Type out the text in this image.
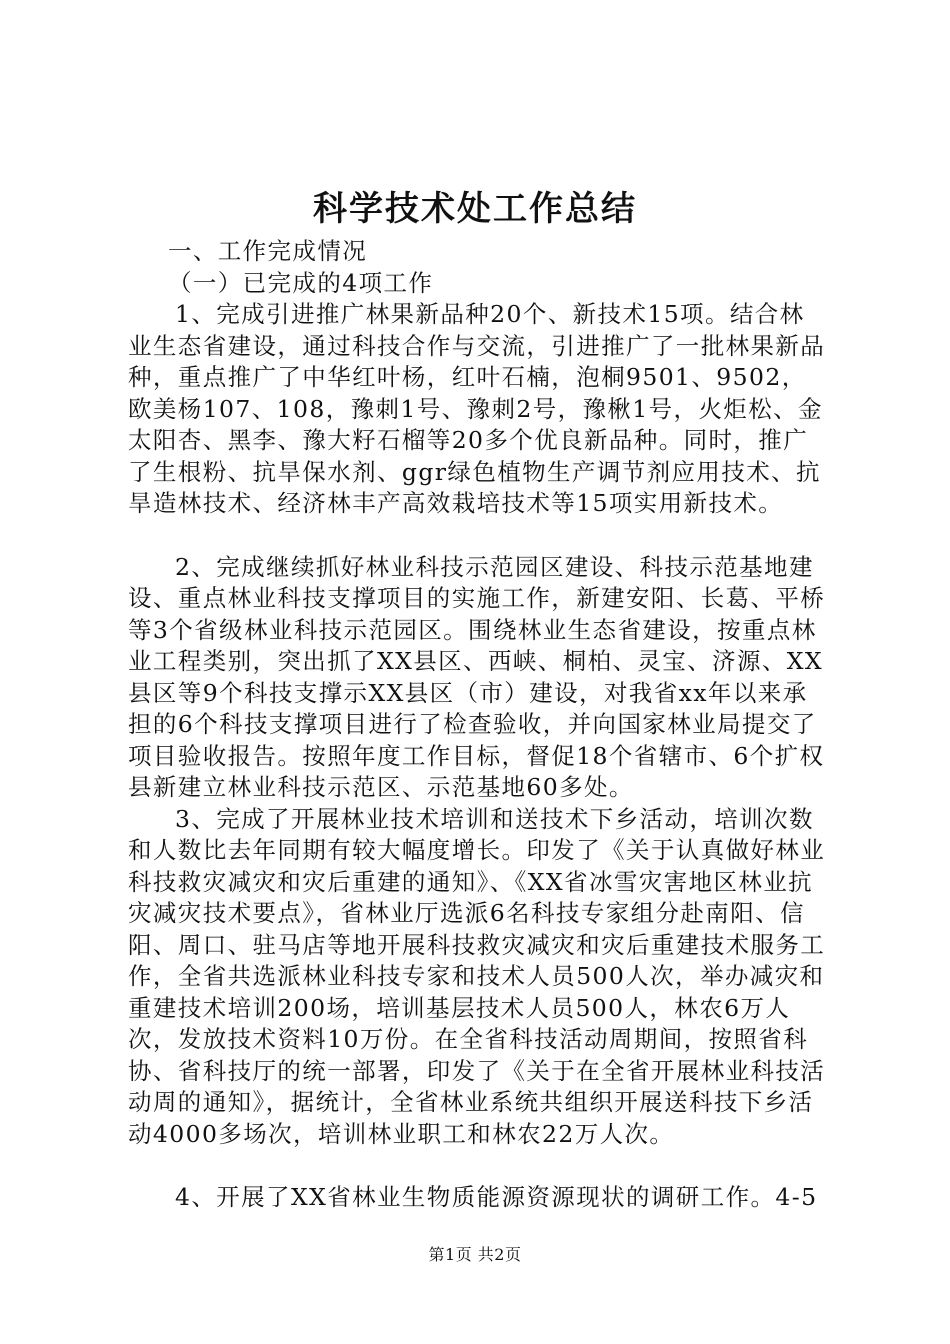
科学技术处工作总结

一、工作完成情况

（一）已完成的4项工作

1、完成引进推广林果新品种20个、新技术15项。结合林业生态省建设，通过科技合作与交流，引进推广了一批林果新品种，重点推广了中华红叶杨，红叶石楠，泡桐9501、9502，欧美杨107、108，豫刺1号、豫刺2号，豫楸1号，火炬松、金太阳杏、黑李、豫大籽石榴等20多个优良新品种。同时，推广了生根粉、抗旱保水剂、ggr绿色植物生产调节剂应用技术、抗旱造林技术、经济林丰产高效栽培技术等15项实用新技术。

2、完成继续抓好林业科技示范园区建设、科技示范基地建设、重点林业科技支撑项目的实施工作，新建安阳、长葛、平桥等3个省级林业科技示范园区。围绕林业生态省建设，按重点林业工程类别，突出抓了XX县区、西峡、桐柏、灵宝、济源、XX县区等9个科技支撑示XX县区（市）建设，对我省xx年以来承担的6个科技支撑项目进行了检查验收，并向国家林业局提交了项目验收报告。按照年度工作目标，督促18个省辖市、6个扩权县新建立林业科技示范区、示范基地60多处。

3、完成了开展林业技术培训和送技术下乡活动，培训次数和人数比去年同期有较大幅度增长。印发了《关于认真做好林业科技救灾减灾和灾后重建的通知》、《XX省冰雪灾害地区林业抗灾减灾技术要点》，省林业厅选派6名科技专家组分赴南阳、信阳、周口、驻马店等地开展科技救灾减灾和灾后重建技术服务工作，全省共选派林业科技专家和技术人员500人次，举办减灾和重建技术培训200场，培训基层技术人员500人，林农6万人次，发放技术资料10万份。在全省科技活动周期间，按照省科协、省科技厅的统一部署，印发了《关于在全省开展林业科技活动周的通知》，据统计，全省林业系统共组织开展送科技下乡活动4000多场次，培训林业职工和林农22万人次。

4、开展了XX省林业生物质能源资源现状的调研工作。4-5

第1页 共2页
